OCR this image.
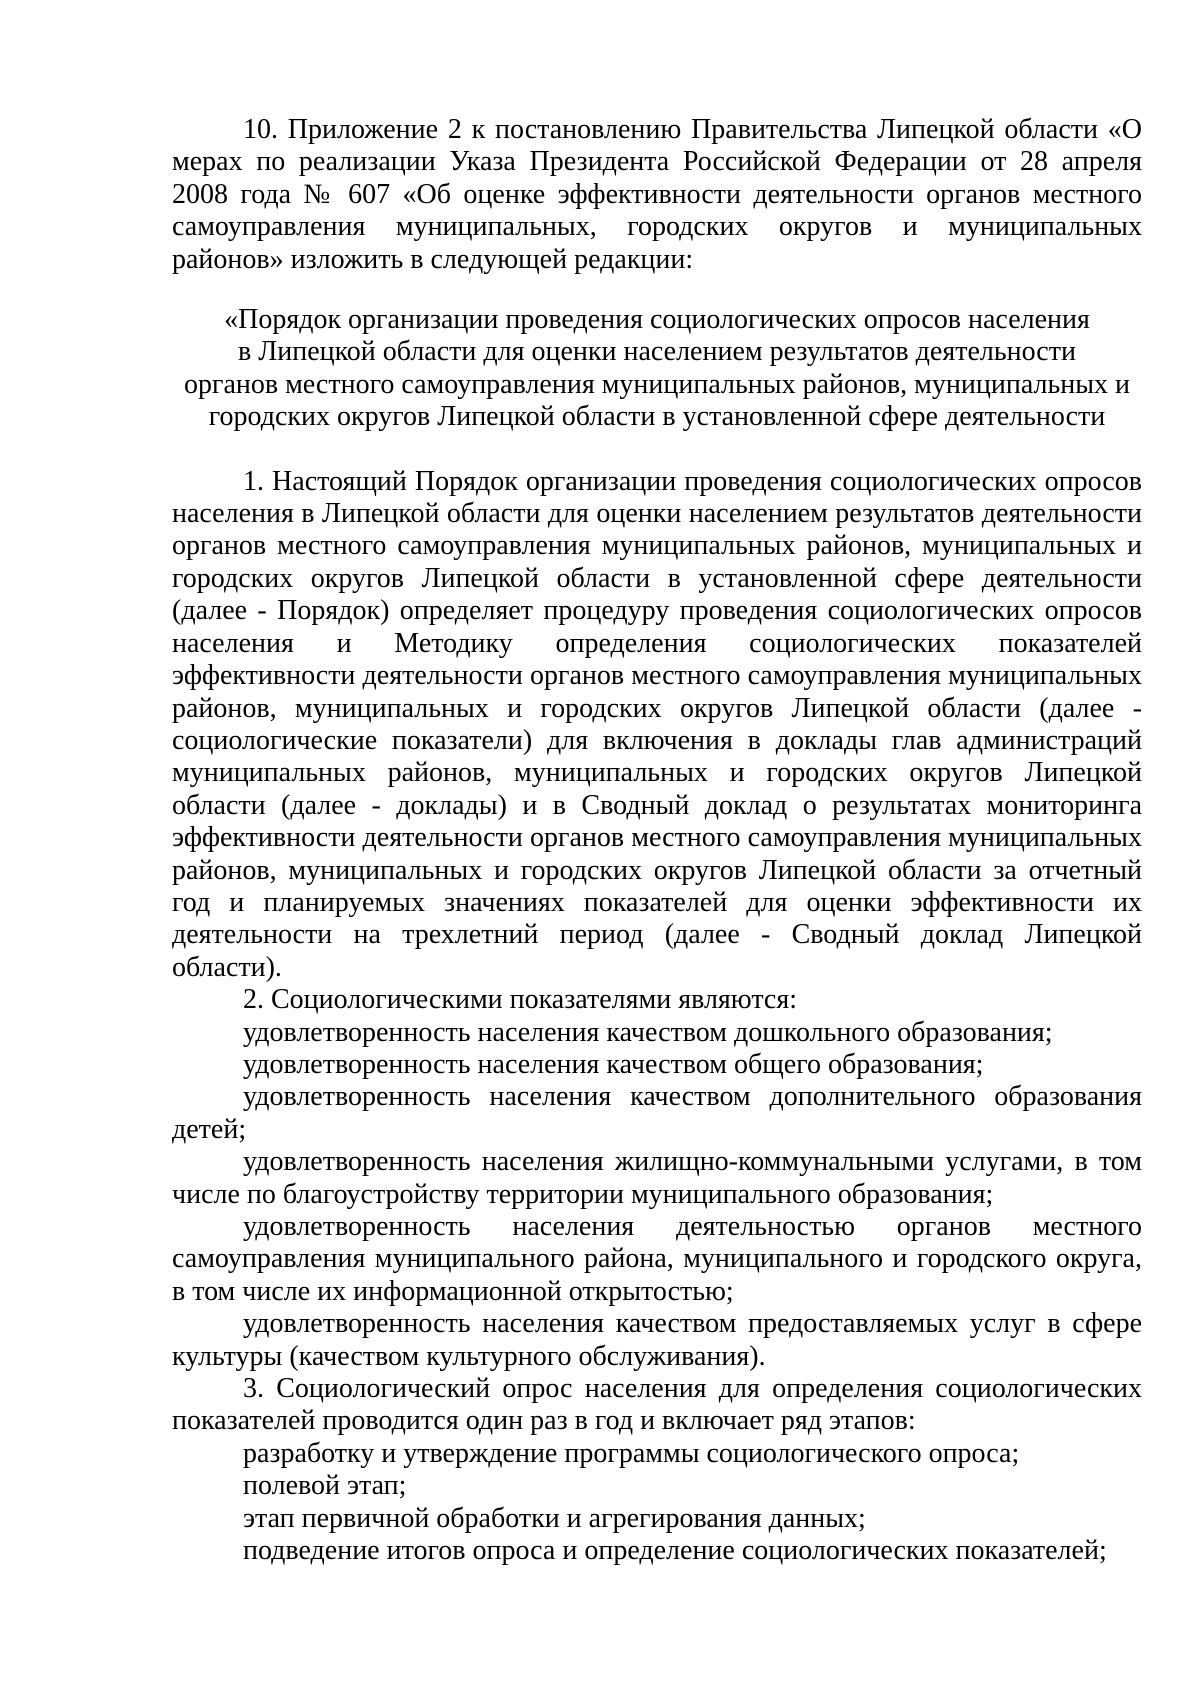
10. Приложение 2 к постановлению Правительства Липецкой области «О мерах по реализации Указа Президента Российской Федерации от 28 апреля 2008 года № 607 «Об оценке эффективности деятельности органов местного самоуправления муниципальных, городских округов и муниципальных районов» изложить в следующей редакции:

«Порядок организации проведения социологических опросов населения
в Липецкой области для оценки населением результатов деятельности
органов местного самоуправления муниципальных районов, муниципальных и
городских округов Липецкой области в установленной сфере деятельности

1. Настоящий Порядок организации проведения социологических опросов населения в Липецкой области для оценки населением результатов деятельности органов местного самоуправления муниципальных районов, муниципальных и городских округов Липецкой области в установленной сфере деятельности (далее - Порядок) определяет процедуру проведения социологических опросов населения и Методику определения социологических показателей эффективности деятельности органов местного самоуправления муниципальных районов, муниципальных и городских округов Липецкой области (далее - социологические показатели) для включения в доклады глав администраций муниципальных районов, муниципальных и городских округов Липецкой области (далее - доклады) и в Сводный доклад о результатах мониторинга эффективности деятельности органов местного самоуправления муниципальных районов, муниципальных и городских округов Липецкой области за отчетный год и планируемых значениях показателей для оценки эффективности их деятельности на трехлетний период (далее - Сводный доклад Липецкой области).

2. Социологическими показателями являются:

удовлетворенность населения качеством дошкольного образования;

удовлетворенность населения качеством общего образования;

удовлетворенность населения качеством дополнительного образования детей;

удовлетворенность населения жилищно-коммунальными услугами, в том числе по благоустройству территории муниципального образования;

удовлетворенность населения деятельностью органов местного самоуправления муниципального района, муниципального и городского округа, в том числе их информационной открытостью;

удовлетворенность населения качеством предоставляемых услуг в сфере культуры (качеством культурного обслуживания).

3. Социологический опрос населения для определения социологических показателей проводится один раз в год и включает ряд этапов:

разработку и утверждение программы социологического опроса;

полевой этап;

этап первичной обработки и агрегирования данных;

подведение итогов опроса и определение социологических показателей;
